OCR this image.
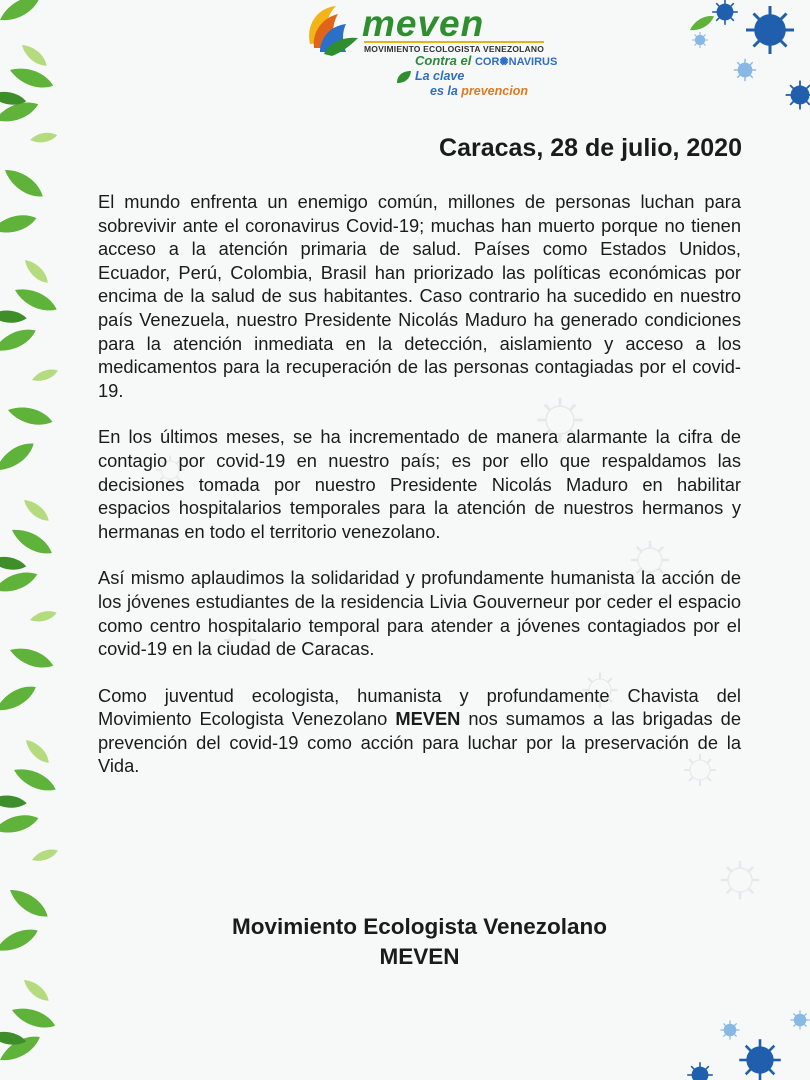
meven
MOVIMIENTO ECOLOGISTA VENEZOLANO
Contra el COR✺NAVIRUS
La clave
es la prevencion
Caracas, 28 de julio, 2020

El mundo enfrenta un enemigo común, millones de personas luchan para sobrevivir ante el coronavirus Covid-19; muchas han muerto porque no tienen acceso a la atención primaria de salud. Países como Estados Unidos, Ecuador, Perú, Colombia, Brasil han priorizado las políticas económicas por encima de la salud de sus habitantes. Caso contrario ha sucedido en nuestro país Venezuela, nuestro Presidente Nicolás Maduro ha generado condiciones para la atención inmediata en la detección, aislamiento y acceso a los medicamentos para la recuperación de las personas contagiadas por el covid-19.

En los últimos meses, se ha incrementado de manera alarmante la cifra de contagio por covid-19 en nuestro país; es por ello que respaldamos las decisiones tomada por nuestro Presidente Nicolás Maduro en habilitar espacios hospitalarios temporales para la atención de nuestros hermanos y hermanas en todo el territorio venezolano.

Así mismo aplaudimos la solidaridad y profundamente humanista la acción de los jóvenes estudiantes de la residencia Livia Gouverneur por ceder el espacio como centro hospitalario temporal para atender a jóvenes contagiados por el covid-19 en la ciudad de Caracas.

Como juventud ecologista, humanista y profundamente Chavista del Movimiento Ecologista Venezolano MEVEN nos sumamos a las brigadas de prevención del covid-19 como acción para luchar por la preservación de la Vida.

Movimiento Ecologista Venezolano
MEVEN
